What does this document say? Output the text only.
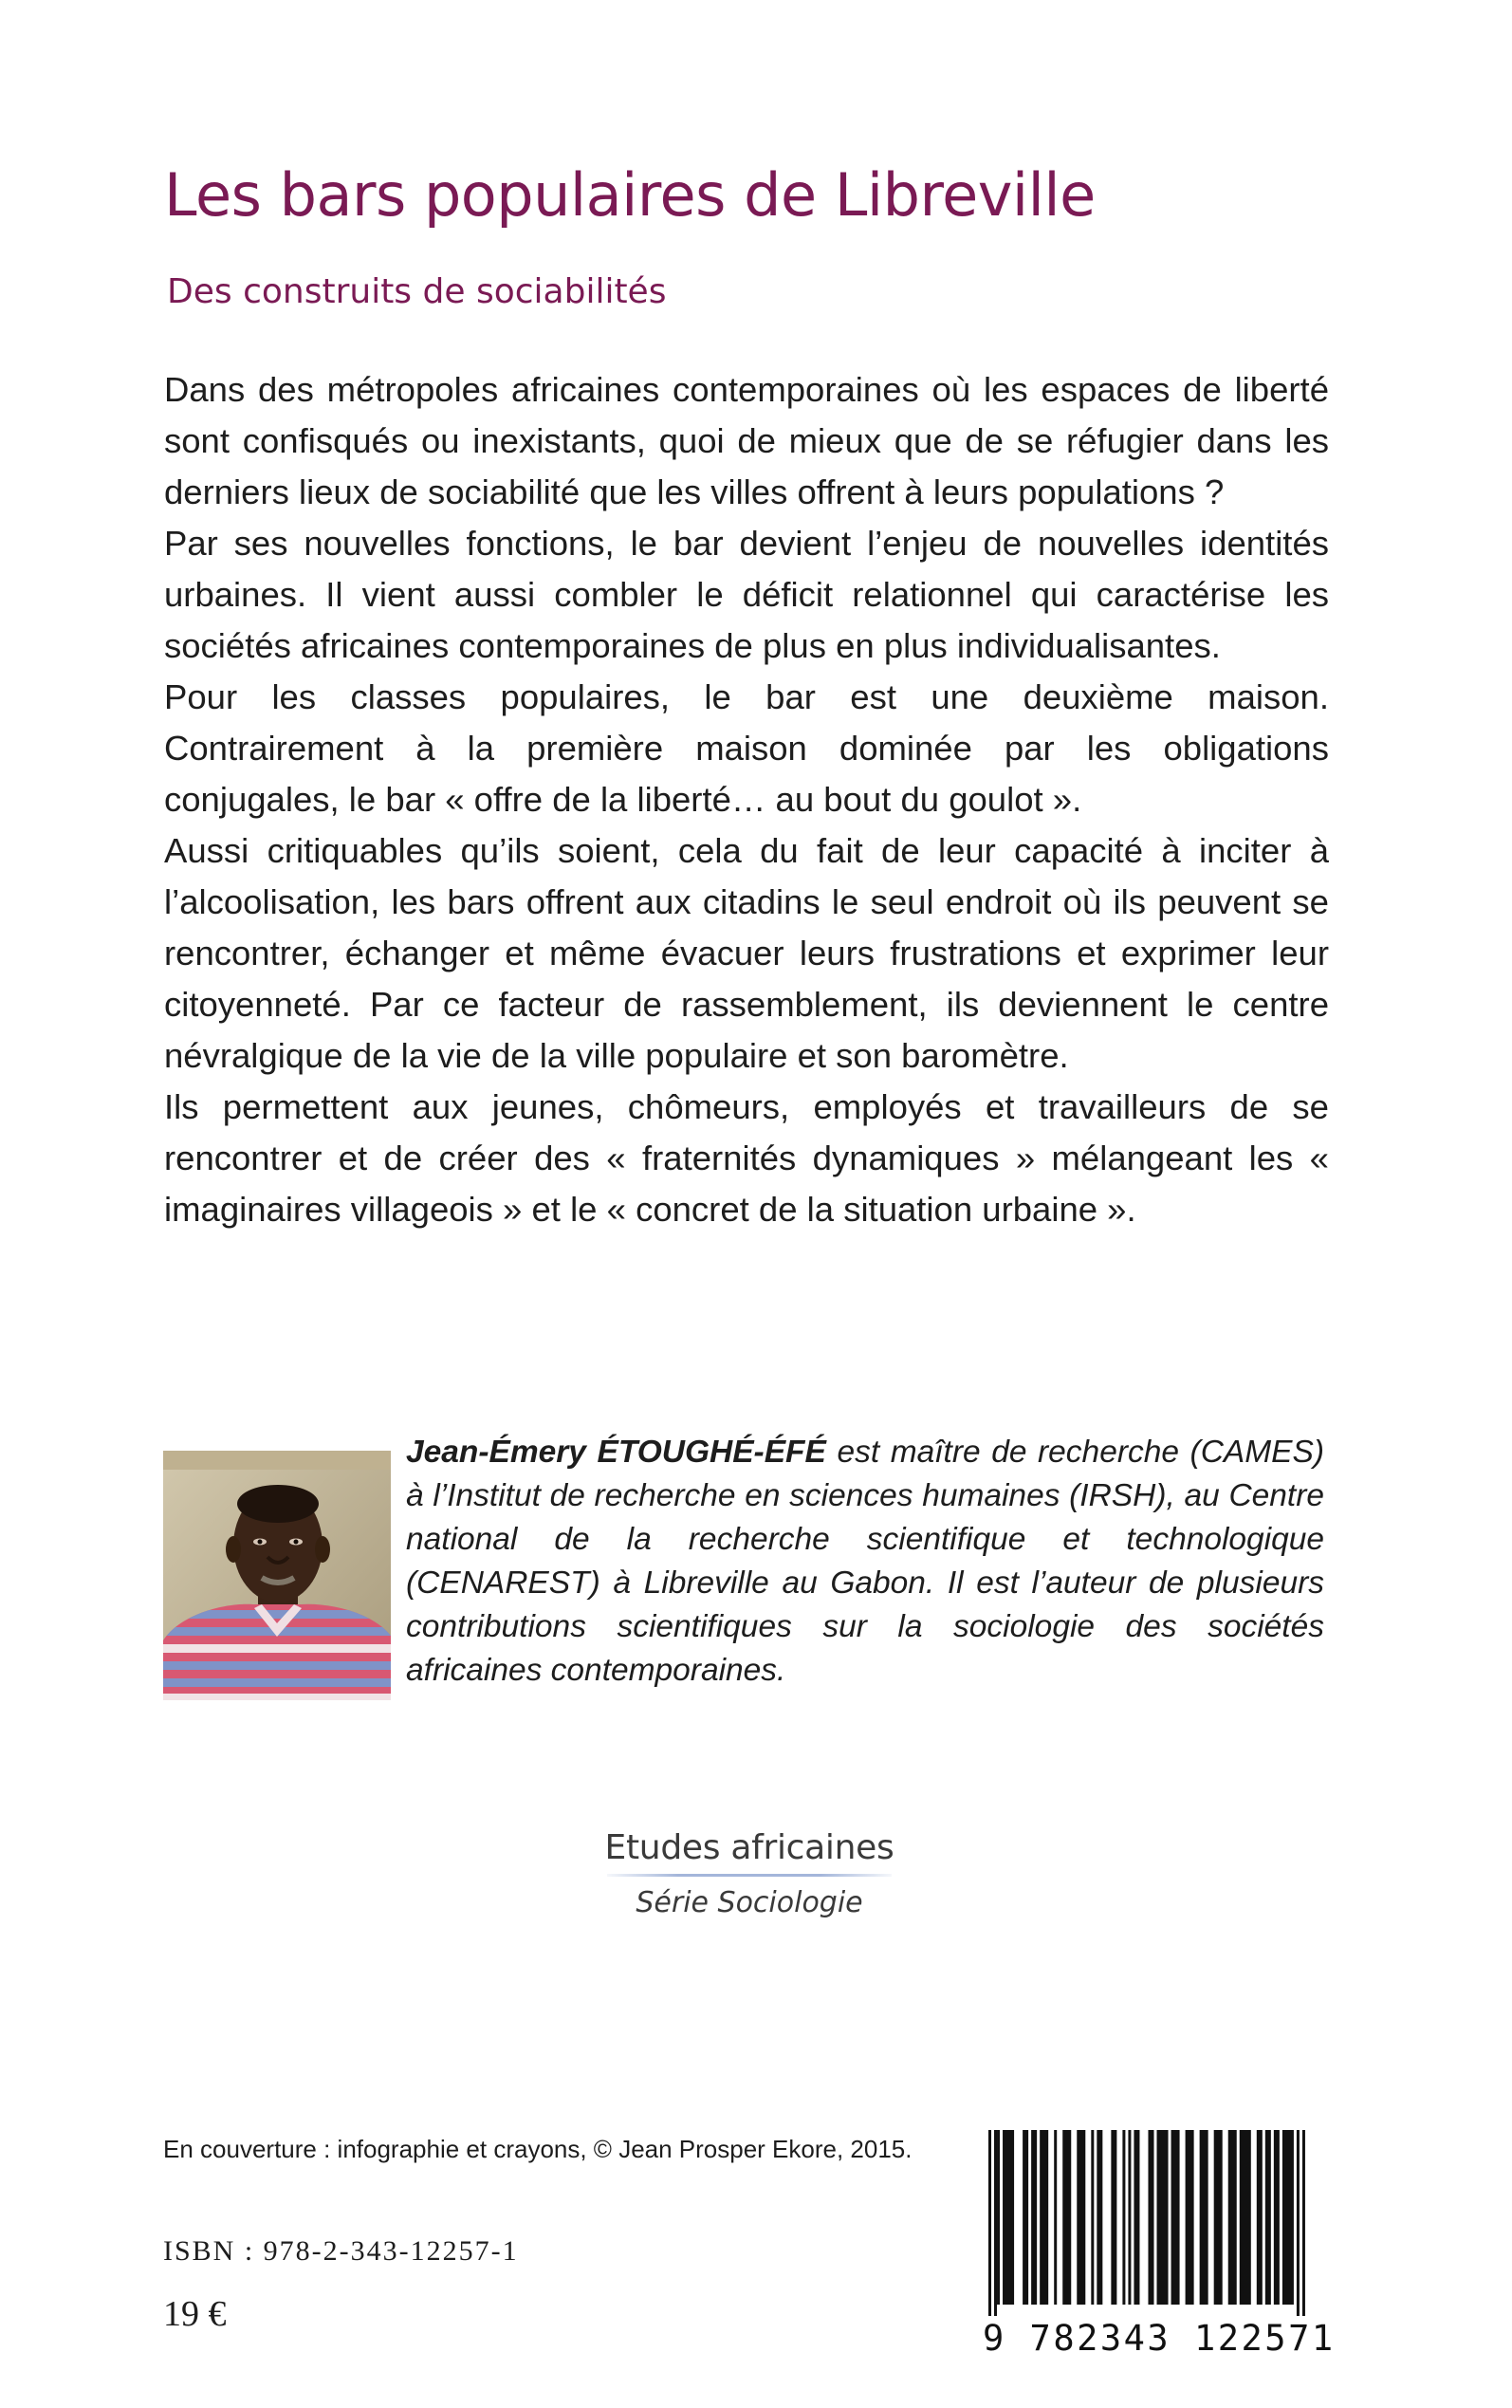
Les bars populaires de Libreville
Des construits de sociabilités

Dans des métropoles africaines contemporaines où les espaces de liberté sont confisqués ou inexistants, quoi de mieux que de se réfugier dans les derniers lieux de sociabilité que les villes offrent à leurs populations ?

Par ses nouvelles fonctions, le bar devient l’enjeu de nouvelles identités urbaines. Il vient aussi combler le déficit relationnel qui caractérise les sociétés africaines contemporaines de plus en plus individualisantes.

Pour les classes populaires, le bar est une deuxième maison. Contrairement à la première maison dominée par les obligations conjugales, le bar « offre de la liberté… au bout du goulot ».

Aussi critiquables qu’ils soient, cela du fait de leur capacité à inciter à l’alcoolisation, les bars offrent aux citadins le seul endroit où ils peuvent se rencontrer, échanger et même évacuer leurs frustrations et exprimer leur citoyenneté. Par ce facteur de rassemblement, ils deviennent le centre névralgique de la vie de la ville populaire et son baromètre.

Ils permettent aux jeunes, chômeurs, employés et travailleurs de se rencontrer et de créer des « fraternités dynamiques » mélangeant les « imaginaires villageois » et le « concret de la situation urbaine ».

Jean-Émery ÉTOUGHÉ-ÉFÉ est maître de recherche (CAMES) à l’Institut de recherche en sciences humaines (IRSH), au Centre national de la recherche scientifique et technologique (CENAREST) à Libreville au Gabon. Il est l’auteur de plusieurs contributions scientifiques sur la sociologie des sociétés africaines contemporaines.

Etudes africaines
Série Sociologie
En couverture : infographie et crayons, © Jean Prosper Ekore, 2015.
ISBN : 978-2-343-12257-1
19 €
9 782343 122571
